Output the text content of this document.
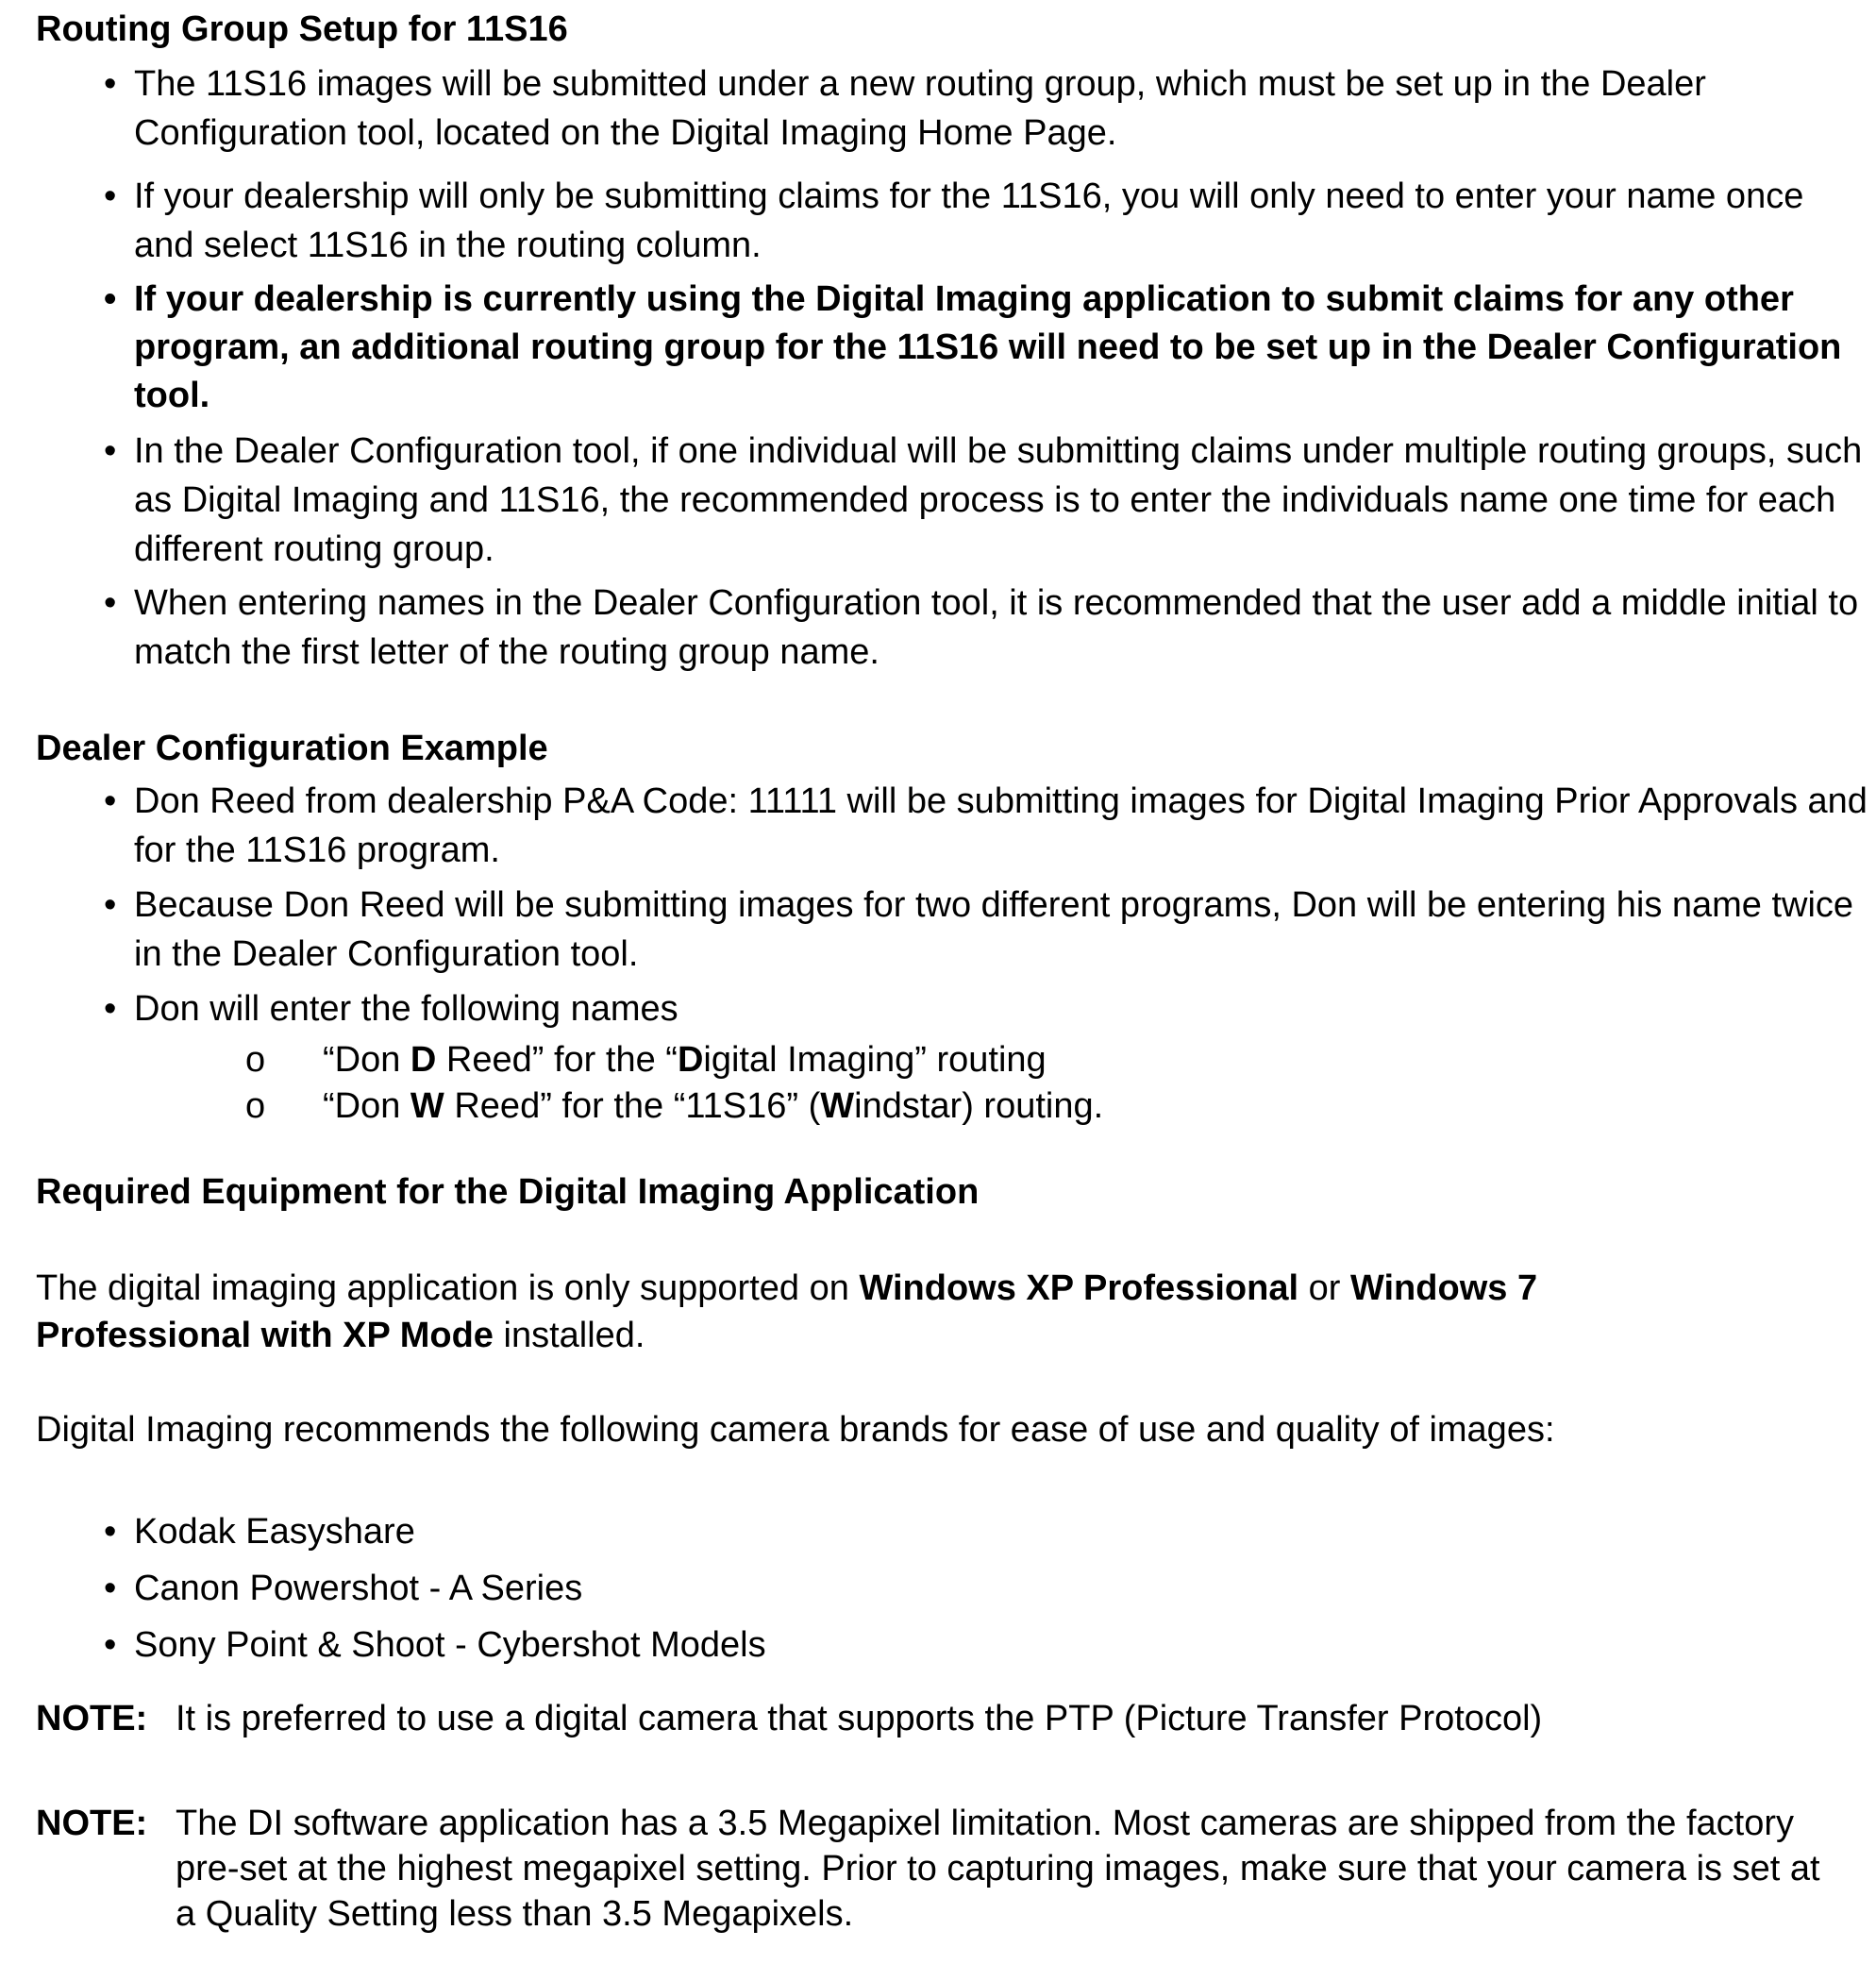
Routing Group Setup for 11S16
• The 11S16 images will be submitted under a new routing group, which must be set up in the Dealer Configuration tool, located on the Digital Imaging Home Page.
• If your dealership will only be submitting claims for the 11S16, you will only need to enter your name once and select 11S16 in the routing column.
• If your dealership is currently using the Digital Imaging application to submit claims for any other program, an additional routing group for the 11S16 will need to be set up in the Dealer Configuration tool.
• In the Dealer Configuration tool, if one individual will be submitting claims under multiple routing groups, such as Digital Imaging and 11S16, the recommended process is to enter the individuals name one time for each different routing group.
• When entering names in the Dealer Configuration tool, it is recommended that the user add a middle initial to match the first letter of the routing group name.
Dealer Configuration Example
• Don Reed from dealership P&A Code: 11111 will be submitting images for Digital Imaging Prior Approvals and for the 11S16 program.
• Because Don Reed will be submitting images for two different programs, Don will be entering his name twice in the Dealer Configuration tool.
• Don will enter the following names
o “Don D Reed” for the “Digital Imaging” routing
o “Don W Reed” for the “11S16” (Windstar) routing.
Required Equipment for the Digital Imaging Application
The digital imaging application is only supported on Windows XP Professional or Windows 7 Professional with XP Mode installed.
Digital Imaging recommends the following camera brands for ease of use and quality of images:
• Kodak Easyshare
• Canon Powershot - A Series
• Sony Point & Shoot - Cybershot Models
NOTE: It is preferred to use a digital camera that supports the PTP (Picture Transfer Protocol)
NOTE: The DI software application has a 3.5 Megapixel limitation. Most cameras are shipped from the factory pre-set at the highest megapixel setting. Prior to capturing images, make sure that your camera is set at a Quality Setting less than 3.5 Megapixels.
